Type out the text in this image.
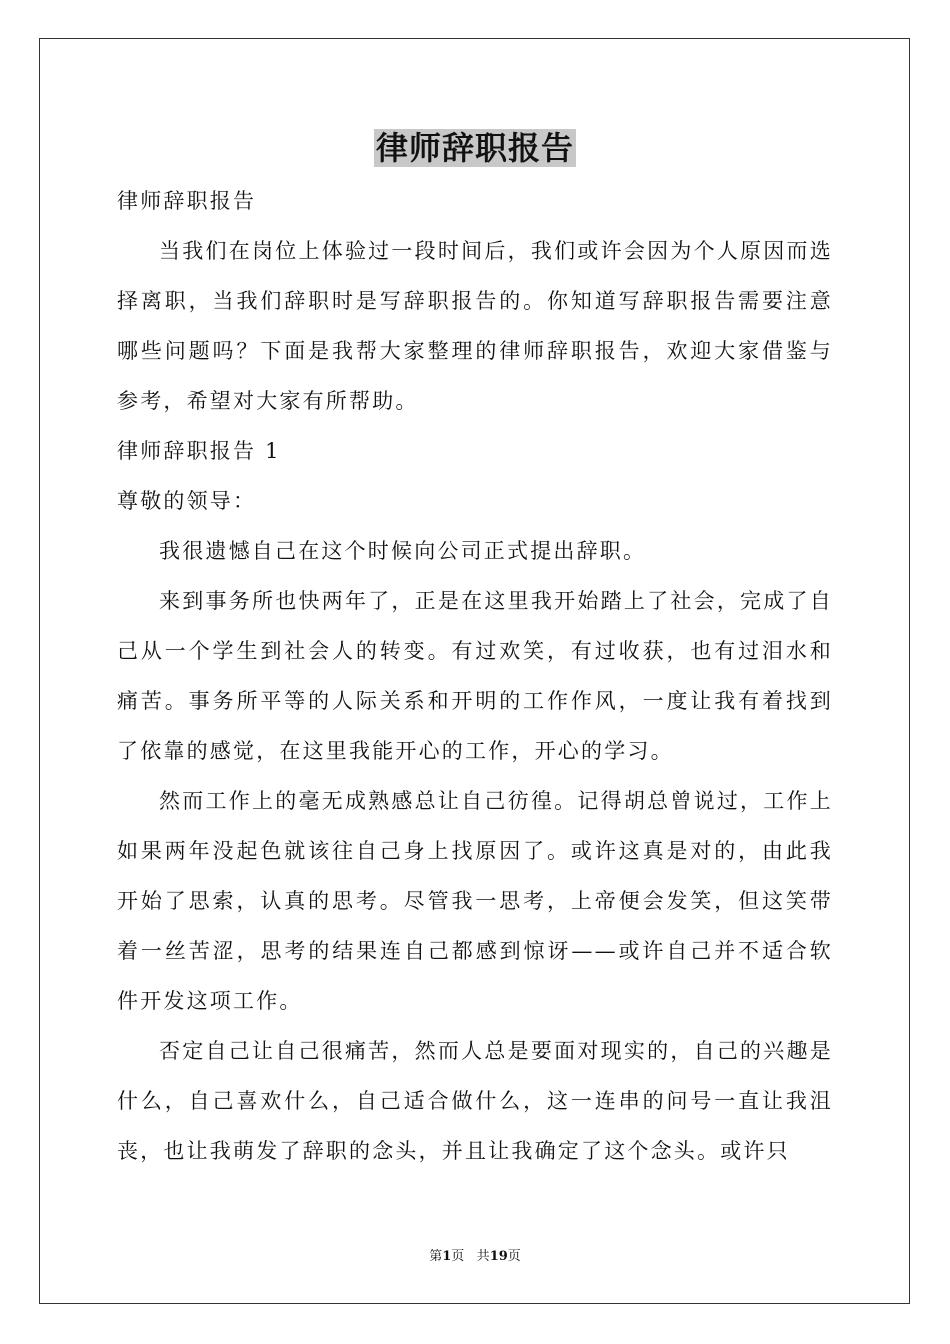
律师辞职报告

律师辞职报告

当我们在岗位上体验过一段时间后，我们或许会因为个人原因而选择离职，当我们辞职时是写辞职报告的。你知道写辞职报告需要注意哪些问题吗？下面是我帮大家整理的律师辞职报告，欢迎大家借鉴与参考，希望对大家有所帮助。

律师辞职报告 1

尊敬的领导：

我很遗憾自己在这个时候向公司正式提出辞职。

来到事务所也快两年了，正是在这里我开始踏上了社会，完成了自己从一个学生到社会人的转变。有过欢笑，有过收获，也有过泪水和痛苦。事务所平等的人际关系和开明的工作作风，一度让我有着找到了依靠的感觉，在这里我能开心的工作，开心的学习。

然而工作上的毫无成熟感总让自己彷徨。记得胡总曾说过，工作上如果两年没起色就该往自己身上找原因了。或许这真是对的，由此我开始了思索，认真的思考。尽管我一思考，上帝便会发笑，但这笑带着一丝苦涩，思考的结果连自己都感到惊讶——或许自己并不适合软件开发这项工作。

否定自己让自己很痛苦，然而人总是要面对现实的，自己的兴趣是什么，自己喜欢什么，自己适合做什么，这一连串的问号一直让我沮丧，也让我萌发了辞职的念头，并且让我确定了这个念头。或许只

第1页 共19页
